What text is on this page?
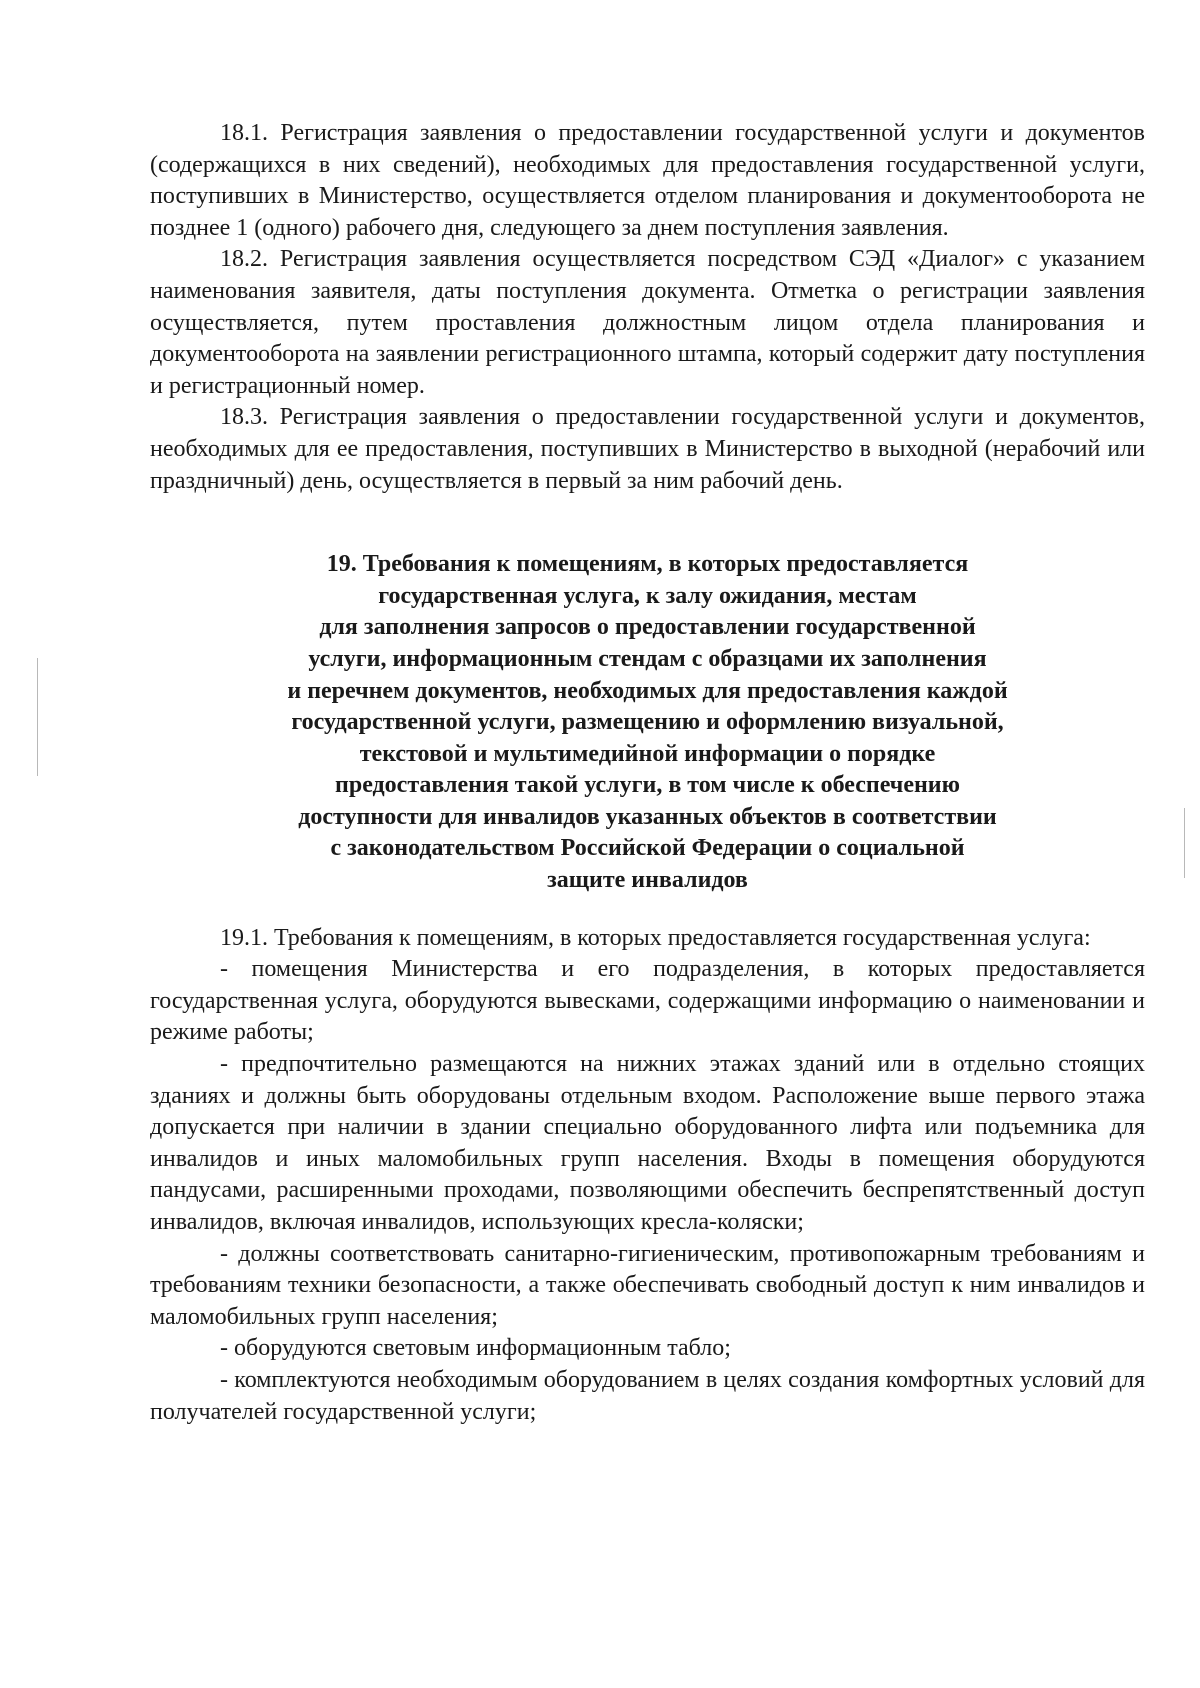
18.1. Регистрация заявления о предоставлении государственной услуги и документов (содержащихся в них сведений), необходимых для предоставления государственной услуги, поступивших в Министерство, осуществляется отделом планирования и документооборота не позднее 1 (одного) рабочего дня, следующего за днем поступления заявления.

18.2. Регистрация заявления осуществляется посредством СЭД «Диалог» с указанием наименования заявителя, даты поступления документа. Отметка о регистрации заявления осуществляется, путем проставления должностным лицом отдела планирования и документооборота на заявлении регистрационного штампа, который содержит дату поступления и регистрационный номер.

18.3. Регистрация заявления о предоставлении государственной услуги и документов, необходимых для ее предоставления, поступивших в Министерство в выходной (нерабочий или праздничный) день, осуществляется в первый за ним рабочий день.

19. Требования к помещениям, в которых предоставляется
государственная услуга, к залу ожидания, местам
для заполнения запросов о предоставлении государственной
услуги, информационным стендам с образцами их заполнения
и перечнем документов, необходимых для предоставления каждой
государственной услуги, размещению и оформлению визуальной,
текстовой и мультимедийной информации о порядке
предоставления такой услуги, в том числе к обеспечению
доступности для инвалидов указанных объектов в соответствии
с законодательством Российской Федерации о социальной
защите инвалидов

19.1. Требования к помещениям, в которых предоставляется государственная услуга:

- помещения Министерства и его подразделения, в которых предоставляется государственная услуга, оборудуются вывесками, содержащими информацию о наименовании и режиме работы;

- предпочтительно размещаются на нижних этажах зданий или в отдельно стоящих зданиях и должны быть оборудованы отдельным входом. Расположение выше первого этажа допускается при наличии в здании специально оборудованного лифта или подъемника для инвалидов и иных маломобильных групп населения. Входы в помещения оборудуются пандусами, расширенными проходами, позволяющими обеспечить беспрепятственный доступ инвалидов, включая инвалидов, использующих кресла-коляски;

- должны соответствовать санитарно-гигиеническим, противопожарным требованиям и требованиям техники безопасности, а также обеспечивать свободный доступ к ним инвалидов и маломобильных групп населения;

- оборудуются световым информационным табло;

- комплектуются необходимым оборудованием в целях создания комфортных условий для получателей государственной услуги;
